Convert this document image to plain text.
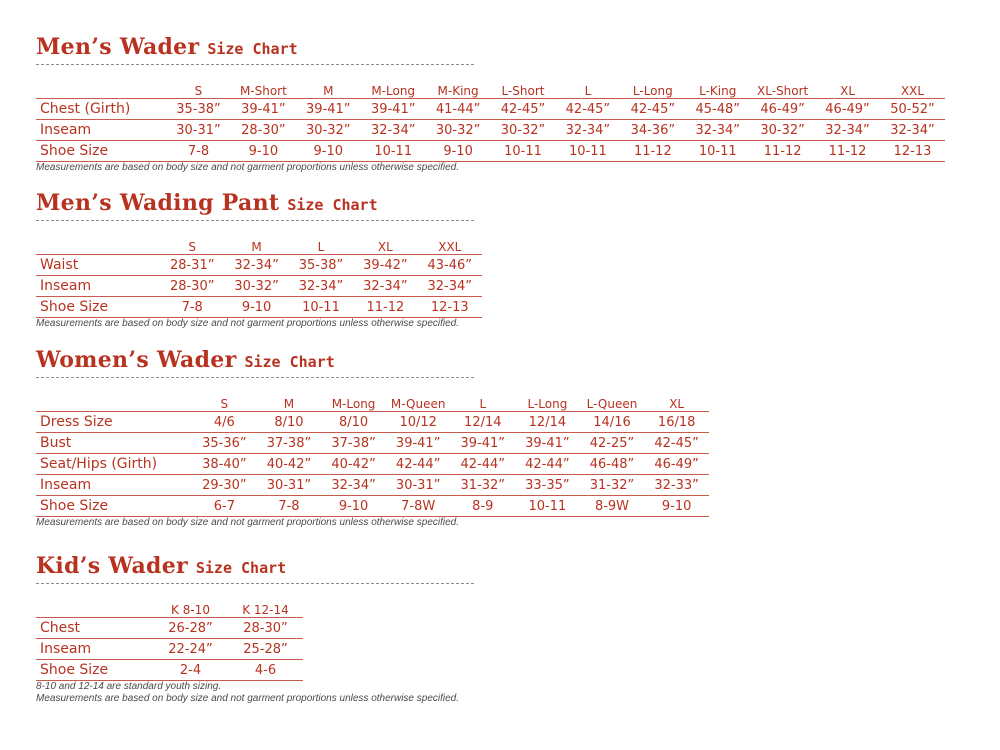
Men’s Wader Size Chart
	S	M-Short	M	M-Long	M-King	L-Short	L	L-Long	L-King	XL-Short	XL	XXL
Chest (Girth)	35-38”	39-41”	39-41”	39-41”	41-44”	42-45”	42-45”	42-45”	45-48”	46-49”	46-49”	50-52”
Inseam	30-31”	28-30”	30-32”	32-34”	30-32”	30-32”	32-34”	34-36”	32-34”	30-32”	32-34”	32-34”
Shoe Size	7-8	9-10	9-10	10-11	9-10	10-11	10-11	11-12	10-11	11-12	11-12	12-13
Measurements are based on body size and not garment proportions unless otherwise specified.
Men’s Wading Pant Size Chart
	S	M	L	XL	XXL
Waist	28-31”	32-34”	35-38”	39-42”	43-46”
Inseam	28-30”	30-32”	32-34”	32-34”	32-34”
Shoe Size	7-8	9-10	10-11	11-12	12-13
Measurements are based on body size and not garment proportions unless otherwise specified.
Women’s Wader Size Chart
	S	M	M-Long	M-Queen	L	L-Long	L-Queen	XL
Dress Size	4/6	8/10	8/10	10/12	12/14	12/14	14/16	16/18
Bust	35-36”	37-38”	37-38”	39-41”	39-41”	39-41”	42-25”	42-45”
Seat/Hips (Girth)	38-40”	40-42”	40-42”	42-44”	42-44”	42-44”	46-48”	46-49”
Inseam	29-30”	30-31”	32-34”	30-31”	31-32”	33-35”	31-32”	32-33”
Shoe Size	6-7	7-8	9-10	7-8W	8-9	10-11	8-9W	9-10
Measurements are based on body size and not garment proportions unless otherwise specified.
Kid’s Wader Size Chart
	K 8-10	K 12-14
Chest	26-28”	28-30”
Inseam	22-24”	25-28”
Shoe Size	2-4	4-6
8-10 and 12-14 are standard youth sizing.
Measurements are based on body size and not garment proportions unless otherwise specified.
